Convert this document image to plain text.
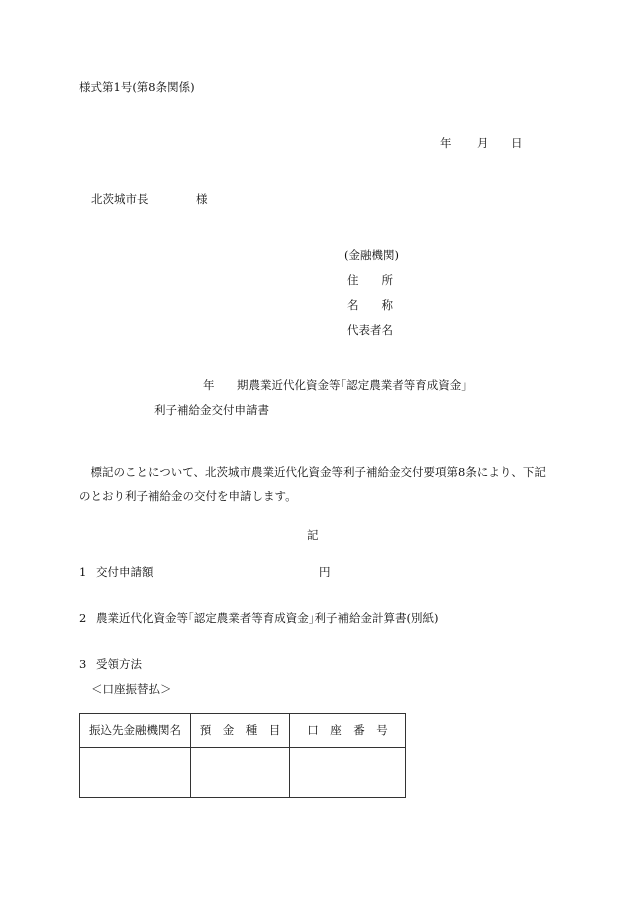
様式第1号(第8条関係)
年 月 日
北茨城市長	様
(金融機関)
住　　所
名　　称
代表者名
年 期農業近代化資金等｢認定農業者等育成資金｣
利子補給金交付申請書
　標記のことについて、北茨城市農業近代化資金等利子補給金交付要項第8条により、下記
のとおり利子補給金の交付を申請します。
記
1 交付申請額	円
2 農業近代化資金等｢認定農業者等育成資金｣利子補給金計算書(別紙)
3 受領方法
＜口座振替払＞
振込先金融機関名	預　金　種　目	口　座　番　号
